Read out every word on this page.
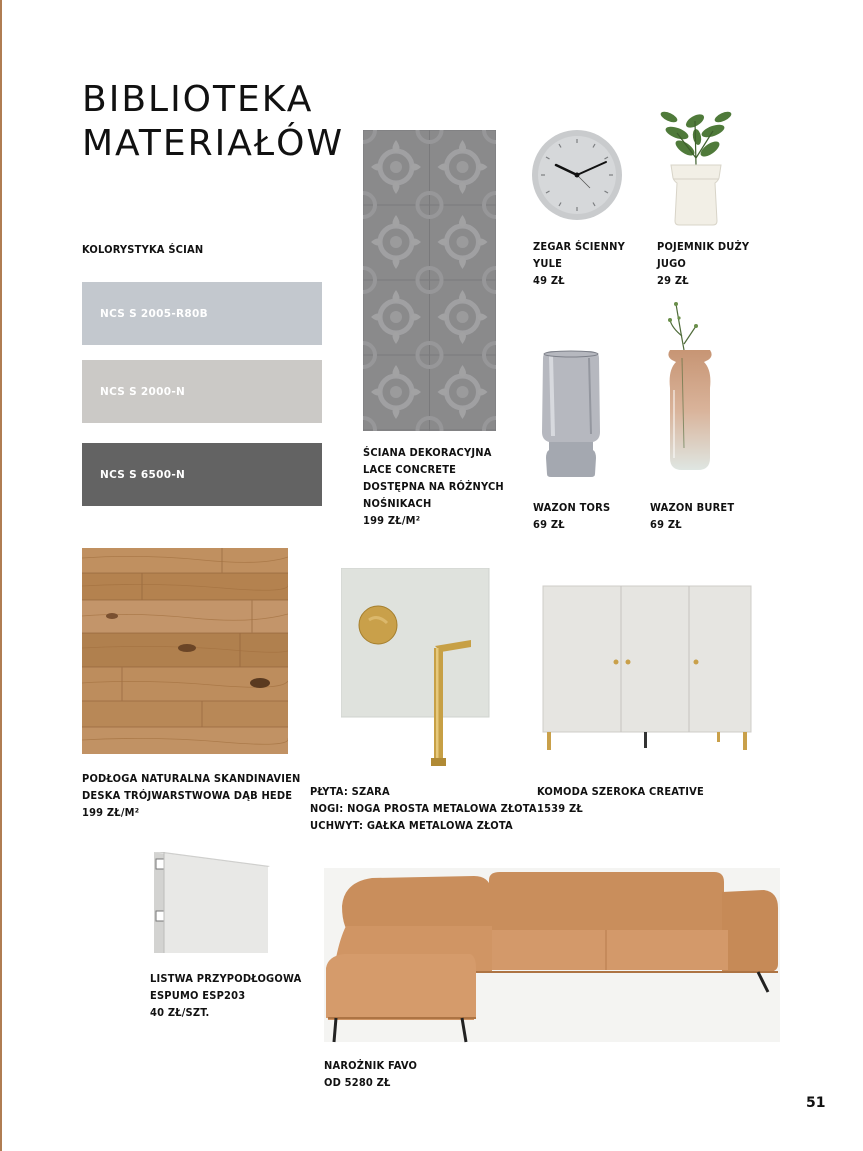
BIBLIOTEKA
MATERIAŁÓW
KOLORYSTYKA ŚCIAN
NCS S 2005-R80B
NCS S 2000-N
NCS S 6500-N
ŚCIANA DEKORACYJNA
LACE CONCRETE
DOSTĘPNA NA RÓŻNYCH
NOŚNIKACH
199 ZŁ/M²
ZEGAR ŚCIENNY
YULE
49 ZŁ
POJEMNIK DUŻY
JUGO
29 ZŁ
WAZON TORS
69 ZŁ
WAZON BURET
69 ZŁ
PODŁOGA NATURALNA SKANDINAVIEN
DESKA TRÓJWARSTWOWA DĄB HEDE
199 ZŁ/M²
PŁYTA: SZARA
NOGI: NOGA PROSTA METALOWA ZŁOTA
UCHWYT: GAŁKA METALOWA ZŁOTA
KOMODA SZEROKA CREATIVE
1539 ZŁ
LISTWA PRZYPODŁOGOWA
ESPUMO ESP203
40 ZŁ/SZT.
NAROŻNIK FAVO
OD 5280 ZŁ
51
